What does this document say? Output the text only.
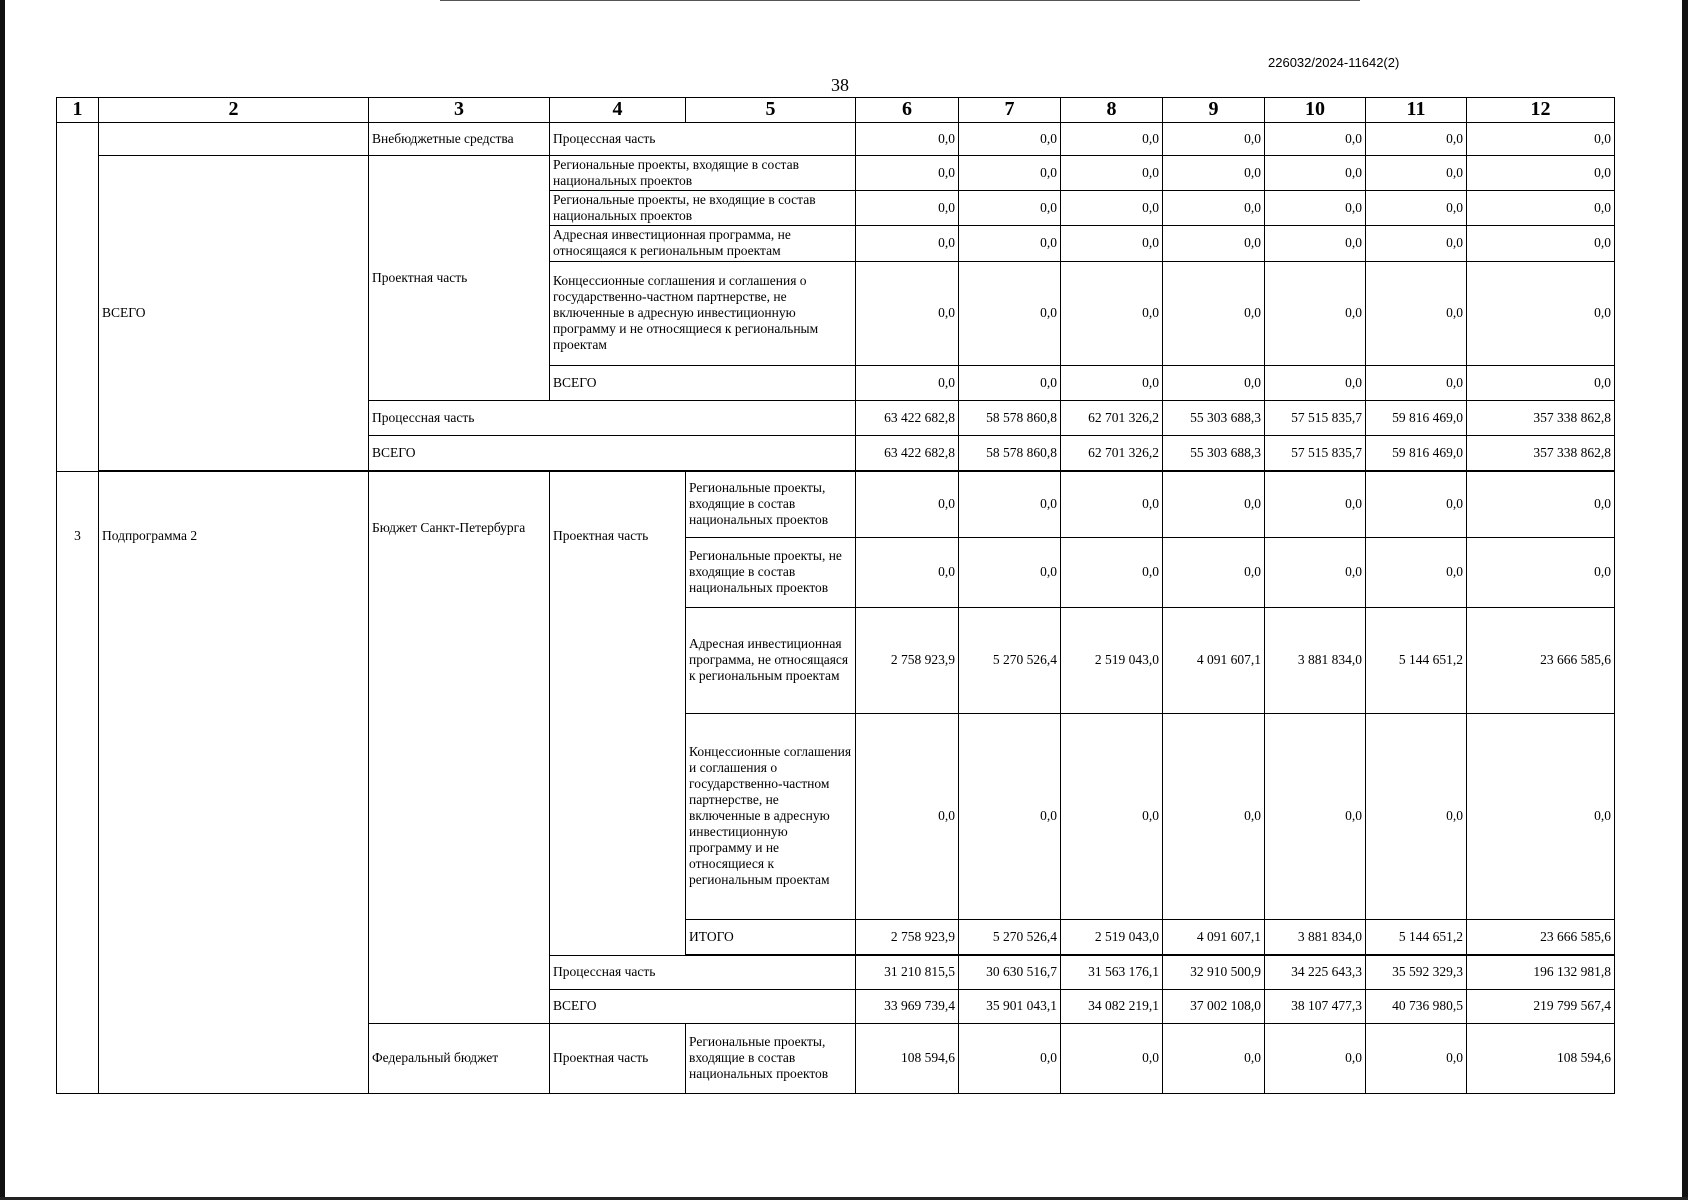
226032/2024-11642(2)
38
1	2	3	4	5	6	7	8	9	10	11	12
		Внебюджетные средства	Процессная часть		0,0	0,0	0,0	0,0	0,0	0,0	0,0
	ВСЕГО	Проектная часть	Региональные проекты, входящие в состав национальных проектов		0,0	0,0	0,0	0,0	0,0	0,0	0,0
			Региональные проекты, не входящие в состав национальных проектов		0,0	0,0	0,0	0,0	0,0	0,0	0,0
			Адресная инвестиционная программа, не относящаяся к региональным проектам		0,0	0,0	0,0	0,0	0,0	0,0	0,0
			Концессионные соглашения и соглашения о государственно-частном партнерстве, не включенные в адресную инвестиционную программу и не относящиеся к региональным проектам		0,0	0,0	0,0	0,0	0,0	0,0	0,0
			ВСЕГО		0,0	0,0	0,0	0,0	0,0	0,0	0,0
		Процессная часть			63 422 682,8	58 578 860,8	62 701 326,2	55 303 688,3	57 515 835,7	59 816 469,0	357 338 862,8
		ВСЕГО			63 422 682,8	58 578 860,8	62 701 326,2	55 303 688,3	57 515 835,7	59 816 469,0	357 338 862,8

3	Подпрограмма 2	Бюджет Санкт-Петербурга	Проектная часть	Региональные проекты, входящие в состав национальных проектов	0,0	0,0	0,0	0,0	0,0	0,0	0,0
				Региональные проекты, не входящие в состав национальных проектов	0,0	0,0	0,0	0,0	0,0	0,0	0,0
				Адресная инвестиционная программа, не относящаяся к региональным проектам	2 758 923,9	5 270 526,4	2 519 043,0	4 091 607,1	3 881 834,0	5 144 651,2	23 666 585,6
				Концессионные соглашения и соглашения о государственно-частном партнерстве, не включенные в адресную инвестиционную программу и не относящиеся к региональным проектам	0,0	0,0	0,0	0,0	0,0	0,0	0,0
				ИТОГО	2 758 923,9	5 270 526,4	2 519 043,0	4 091 607,1	3 881 834,0	5 144 651,2	23 666 585,6

			Процессная часть		31 210 815,5	30 630 516,7	31 563 176,1	32 910 500,9	34 225 643,3	35 592 329,3	196 132 981,8
			ВСЕГО		33 969 739,4	35 901 043,1	34 082 219,1	37 002 108,0	38 107 477,3	40 736 980,5	219 799 567,4
		Федеральный бюджет	Проектная часть	Региональные проекты, входящие в состав национальных проектов	108 594,6	0,0	0,0	0,0	0,0	0,0	108 594,6
